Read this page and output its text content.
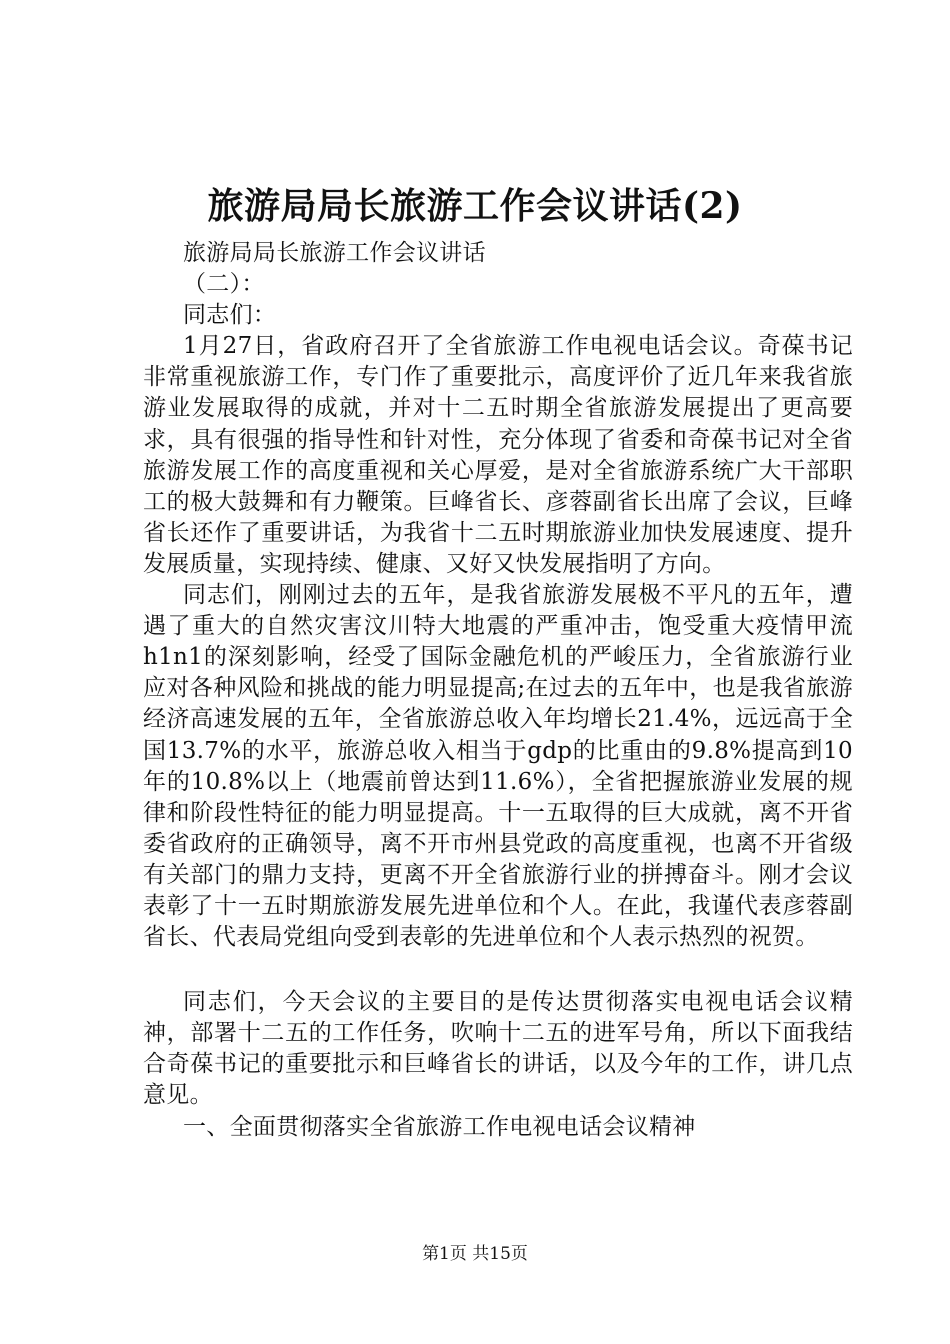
旅游局局长旅游工作会议讲话(2)

旅游局局长旅游工作会议讲话

（二）：

同志们：

1月27日，省政府召开了全省旅游工作电视电话会议。奇葆书记非常重视旅游工作，专门作了重要批示，高度评价了近几年来我省旅游业发展取得的成就，并对十二五时期全省旅游发展提出了更高要求，具有很强的指导性和针对性，充分体现了省委和奇葆书记对全省旅游发展工作的高度重视和关心厚爱，是对全省旅游系统广大干部职工的极大鼓舞和有力鞭策。巨峰省长、彦蓉副省长出席了会议，巨峰省长还作了重要讲话，为我省十二五时期旅游业加快发展速度、提升发展质量，实现持续、健康、又好又快发展指明了方向。

同志们，刚刚过去的五年，是我省旅游发展极不平凡的五年，遭遇了重大的自然灾害汶川特大地震的严重冲击，饱受重大疫情甲流h1n1的深刻影响，经受了国际金融危机的严峻压力，全省旅游行业应对各种风险和挑战的能力明显提高;在过去的五年中，也是我省旅游经济高速发展的五年，全省旅游总收入年均增长21.4%，远远高于全国13.7%的水平，旅游总收入相当于gdp的比重由的9.8%提高到10年的10.8%以上（地震前曾达到11.6%），全省把握旅游业发展的规律和阶段性特征的能力明显提高。十一五取得的巨大成就，离不开省委省政府的正确领导，离不开市州县党政的高度重视，也离不开省级有关部门的鼎力支持，更离不开全省旅游行业的拼搏奋斗。刚才会议表彰了十一五时期旅游发展先进单位和个人。在此，我谨代表彦蓉副省长、代表局党组向受到表彰的先进单位和个人表示热烈的祝贺。

同志们，今天会议的主要目的是传达贯彻落实电视电话会议精神，部署十二五的工作任务，吹响十二五的进军号角，所以下面我结合奇葆书记的重要批示和巨峰省长的讲话，以及今年的工作，讲几点意见。

一、全面贯彻落实全省旅游工作电视电话会议精神

第1页 共15页
